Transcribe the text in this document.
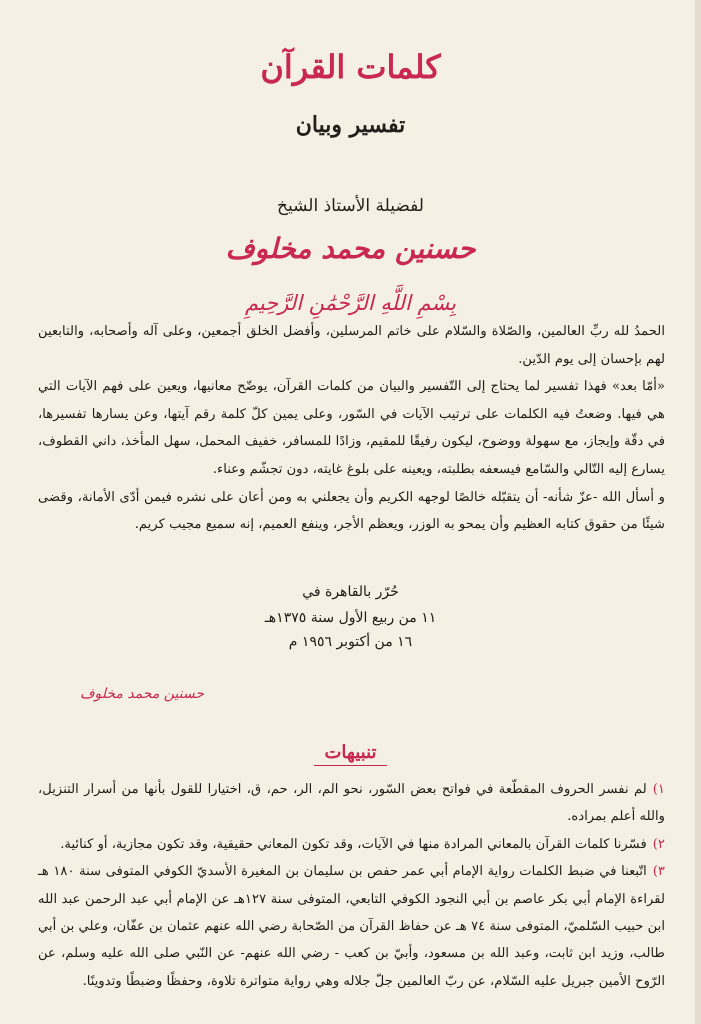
كلمات القرآن
تفسير وبيان
لفضيلة الأستاذ الشيخ
حسنين محمد مخلوف
بِسْمِ اللَّهِ الرَّحْمَٰنِ الرَّحِيمِ

الحمدُ لله ربِّ العالمين، والصّلاة والسّلام على خاتم المرسلين، وأفضل الخلق أجمعين، وعلى آله وأصحابه، والتابعين لهم بإحسان إلى يوم الدّين.

«أمّا بعد» فهذا تفسير لما يحتاج إلى التّفسير والبيان من كلمات القرآن، يوضّح معانيها، ويعين على فهم الآيات التي هي فيها. وضعتُ فيه الكلمات على ترتيب الآيات في السّور، وعلى يمين كلّ كلمة رقم آيتها، وعن يسارها تفسيرها، في دقّة وإيجاز، مع سهولة ووضوح، ليكون رفيقًا للمقيم، وزادًا للمسافر، خفيف المحمل، سهل المأخذ، داني القطوف، يسارع إليه التّالي والسّامع فيسعفه بطلبته، ويعينه على بلوغ غايته، دون تجشّم وعناء.

و أسأل الله -عزّ شأنه- أن يتقبّله خالصًا لوجهه الكريم وأن يجعلني به ومن أعان على نشره فيمن أدّى الأمانة، وقضى شيئًا من حقوق كتابه العظيم وأن يمحو به الوزر، ويعظم الأجر، وينفع العميم، إنه سميع مجيب كريم.

حُرّر بالقاهرة في
١١ من ربيع الأول سنة ١٣٧٥هـ
١٦ من أكتوبر ١٩٥٦ م
حسنين محمد مخلوف
تنبيهات

١)لم نفسر الحروف المقطّعة في فواتح بعض السّور، نحو الم، الر، حم، ق، اختيارا للقول بأنها من أسرار التنزيل، والله أعلم بمراده.

٢)فسّرنا كلمات القرآن بالمعاني المرادة منها في الآيات، وقد تكون المعاني حقيقية، وقد تكون مجازية، أو كنائية.

٣)اتّبعنا في ضبط الكلمات رواية الإمام أبي عمر حفص بن سليمان بن المغيرة الأسديّ الكوفي المتوفى سنة ١٨٠ هـ لقراءة الإمام أبي بكر عاصم بن أبي النجود الكوفي التابعي، المتوفى سنة ١٢٧هـ عن الإمام أبي عبد الرحمن عبد الله ابن حبيب السّلميّ، المتوفى سنة ٧٤ هـ عن حفاظ القرآن من الصّحابة رضي الله عنهم عثمان بن عفّان، وعلي بن أبي طالب، وزيد ابن ثابت، وعبد الله بن مسعود، وأبيّ بن كعب - رضي الله عنهم- عن النّبي صلى الله عليه وسلم، عن الرّوح الأمين جبريل عليه السّلام، عن ربّ العالمين جلّ جلاله وهي رواية متواترة تلاوة، وحفظًا وضبطًا وتدوينًا.
